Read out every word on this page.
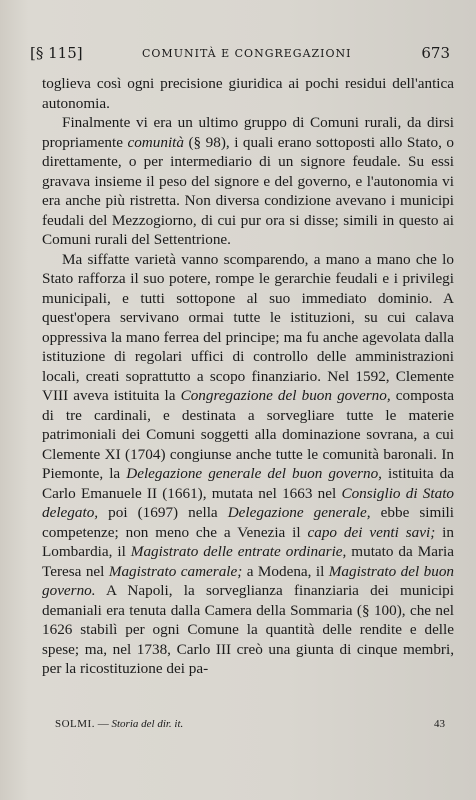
[§ 115]	COMUNITÀ E CONGREGAZIONI	673

toglieva così ogni precisione giuridica ai pochi residui dell'antica autonomia.

Finalmente vi era un ultimo gruppo di Comuni rurali, da dirsi propriamente comunità (§ 98), i quali erano sottoposti allo Stato, o direttamente, o per intermediario di un signore feudale. Su essi gravava insieme il peso del signore e del governo, e l'autonomia vi era anche più ristretta. Non diversa condizione avevano i municipi feudali del Mezzogiorno, di cui pur ora si disse; simili in questo ai Comuni rurali del Settentrione.

Ma siffatte varietà vanno scomparendo, a mano a mano che lo Stato rafforza il suo potere, rompe le gerarchie feudali e i privilegi municipali, e tutti sottopone al suo immediato dominio. A quest'opera servivano ormai tutte le istituzioni, su cui calava oppressiva la mano ferrea del principe; ma fu anche agevolata dalla istituzione di regolari uffici di controllo delle amministrazioni locali, creati soprattutto a scopo finanziario. Nel 1592, Clemente VIII aveva istituita la Congregazione del buon governo, composta di tre cardinali, e destinata a sorvegliare tutte le materie patrimoniali dei Comuni soggetti alla dominazione sovrana, a cui Clemente XI (1704) congiunse anche tutte le comunità baronali. In Piemonte, la Delegazione generale del buon governo, istituita da Carlo Emanuele II (1661), mutata nel 1663 nel Consiglio di Stato delegato, poi (1697) nella Delegazione generale, ebbe simili competenze; non meno che a Venezia il capo dei venti savi; in Lombardia, il Magistrato delle entrate ordinarie, mutato da Maria Teresa nel Magistrato camerale; a Modena, il Magistrato del buon governo. A Napoli, la sorveglianza finanziaria dei municipi demaniali era tenuta dalla Camera della Sommaria (§ 100), che nel 1626 stabilì per ogni Comune la quantità delle rendite e delle spese; ma, nel 1738, Carlo III creò una giunta di cinque membri, per la ricostituzione dei pa-

SOLMI. — Storia del dir. it.	43
